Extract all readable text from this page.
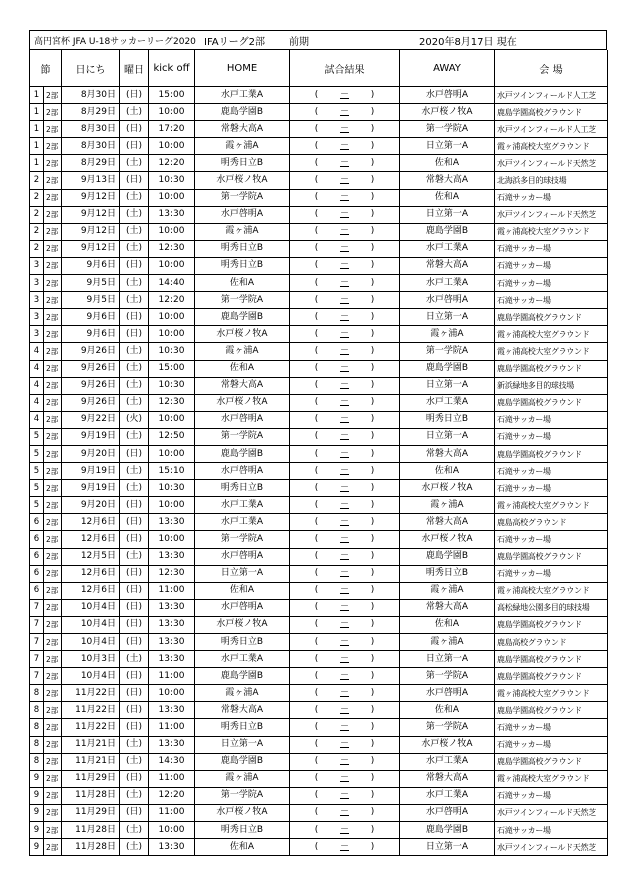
高円宮杯 JFA U-18サッカーリーグ2020 IFAリーグ2部	前期	2020年8月17日 現在
節		日にち	曜日	kick off	HOME	試合結果	AWAY	会 場
1	2部	8月30日	(日)	15:00	水戸工業A	( － )	水戸啓明A	水戸ツインフィールド人工芝
1	2部	8月29日	(土)	10:00	鹿島学園B	( － )	水戸桜ノ牧A	鹿島学園高校グラウンド
1	2部	8月30日	(日)	17:20	常磐大高A	( － )	第一学院A	水戸ツインフィールド人工芝
1	2部	8月30日	(日)	10:00	霞ヶ浦A	( － )	日立第一A	霞ヶ浦高校大室グラウンド
1	2部	8月29日	(土)	12:20	明秀日立B	( － )	佐和A	水戸ツインフィールド天然芝
2	2部	9月13日	(日)	10:30	水戸桜ノ牧A	( － )	常磐大高A	北海浜多目的球技場
2	2部	9月12日	(土)	10:00	第一学院A	( － )	佐和A	石滝サッカー場
2	2部	9月12日	(土)	13:30	水戸啓明A	( － )	日立第一A	水戸ツインフィールド天然芝
2	2部	9月12日	(土)	10:00	霞ヶ浦A	( － )	鹿島学園B	霞ヶ浦高校大室グラウンド
2	2部	9月12日	(土)	12:30	明秀日立B	( － )	水戸工業A	石滝サッカー場
3	2部	9月6日	(日)	10:00	明秀日立B	( － )	常磐大高A	石滝サッカー場
3	2部	9月5日	(土)	14:40	佐和A	( － )	水戸工業A	石滝サッカー場
3	2部	9月5日	(土)	12:20	第一学院A	( － )	水戸啓明A	石滝サッカー場
3	2部	9月6日	(日)	10:00	鹿島学園B	( － )	日立第一A	鹿島学園高校グラウンド
3	2部	9月6日	(日)	10:00	水戸桜ノ牧A	( － )	霞ヶ浦A	霞ヶ浦高校大室グラウンド
4	2部	9月26日	(土)	10:30	霞ヶ浦A	( － )	第一学院A	霞ヶ浦高校大室グラウンド
4	2部	9月26日	(土)	15:00	佐和A	( － )	鹿島学園B	鹿島学園高校グラウンド
4	2部	9月26日	(土)	10:30	常磐大高A	( － )	日立第一A	新浜緑地多目的球技場
4	2部	9月26日	(土)	12:30	水戸桜ノ牧A	( － )	水戸工業A	鹿島学園高校グラウンド
4	2部	9月22日	(火)	10:00	水戸啓明A	( － )	明秀日立B	石滝サッカー場
5	2部	9月19日	(土)	12:50	第一学院A	( － )	日立第一A	石滝サッカー場
5	2部	9月20日	(日)	10:00	鹿島学園B	( － )	常磐大高A	鹿島学園高校グラウンド
5	2部	9月19日	(土)	15:10	水戸啓明A	( － )	佐和A	石滝サッカー場
5	2部	9月19日	(土)	10:30	明秀日立B	( － )	水戸桜ノ牧A	石滝サッカー場
5	2部	9月20日	(日)	10:00	水戸工業A	( － )	霞ヶ浦A	霞ヶ浦高校大室グラウンド
6	2部	12月6日	(日)	13:30	水戸工業A	( － )	常磐大高A	鹿島高校グラウンド
6	2部	12月6日	(日)	10:00	第一学院A	( － )	水戸桜ノ牧A	石滝サッカー場
6	2部	12月5日	(土)	13:30	水戸啓明A	( － )	鹿島学園B	鹿島学園高校グラウンド
6	2部	12月6日	(日)	12:30	日立第一A	( － )	明秀日立B	石滝サッカー場
6	2部	12月6日	(日)	11:00	佐和A	( － )	霞ヶ浦A	霞ヶ浦高校大室グラウンド
7	2部	10月4日	(日)	13:30	水戸啓明A	( － )	常磐大高A	高松緑地公園多目的球技場
7	2部	10月4日	(日)	13:30	水戸桜ノ牧A	( － )	佐和A	鹿島学園高校グラウンド
7	2部	10月4日	(日)	13:30	明秀日立B	( － )	霞ヶ浦A	鹿島高校グラウンド
7	2部	10月3日	(土)	13:30	水戸工業A	( － )	日立第一A	鹿島学園高校グラウンド
7	2部	10月4日	(日)	11:00	鹿島学園B	( － )	第一学院A	鹿島学園高校グラウンド
8	2部	11月22日	(日)	10:00	霞ヶ浦A	( － )	水戸啓明A	霞ヶ浦高校大室グラウンド
8	2部	11月22日	(日)	13:30	常磐大高A	( － )	佐和A	鹿島学園高校グラウンド
8	2部	11月22日	(日)	11:00	明秀日立B	( － )	第一学院A	石滝サッカー場
8	2部	11月21日	(土)	13:30	日立第一A	( － )	水戸桜ノ牧A	石滝サッカー場
8	2部	11月21日	(土)	14:30	鹿島学園B	( － )	水戸工業A	鹿島学園高校グラウンド
9	2部	11月29日	(日)	11:00	霞ヶ浦A	( － )	常磐大高A	霞ヶ浦高校大室グラウンド
9	2部	11月28日	(土)	12:20	第一学院A	( － )	水戸工業A	石滝サッカー場
9	2部	11月29日	(日)	11:00	水戸桜ノ牧A	( － )	水戸啓明A	水戸ツインフィールド天然芝
9	2部	11月28日	(土)	10:00	明秀日立B	( － )	鹿島学園B	石滝サッカー場
9	2部	11月28日	(土)	13:30	佐和A	( － )	日立第一A	水戸ツインフィールド天然芝
